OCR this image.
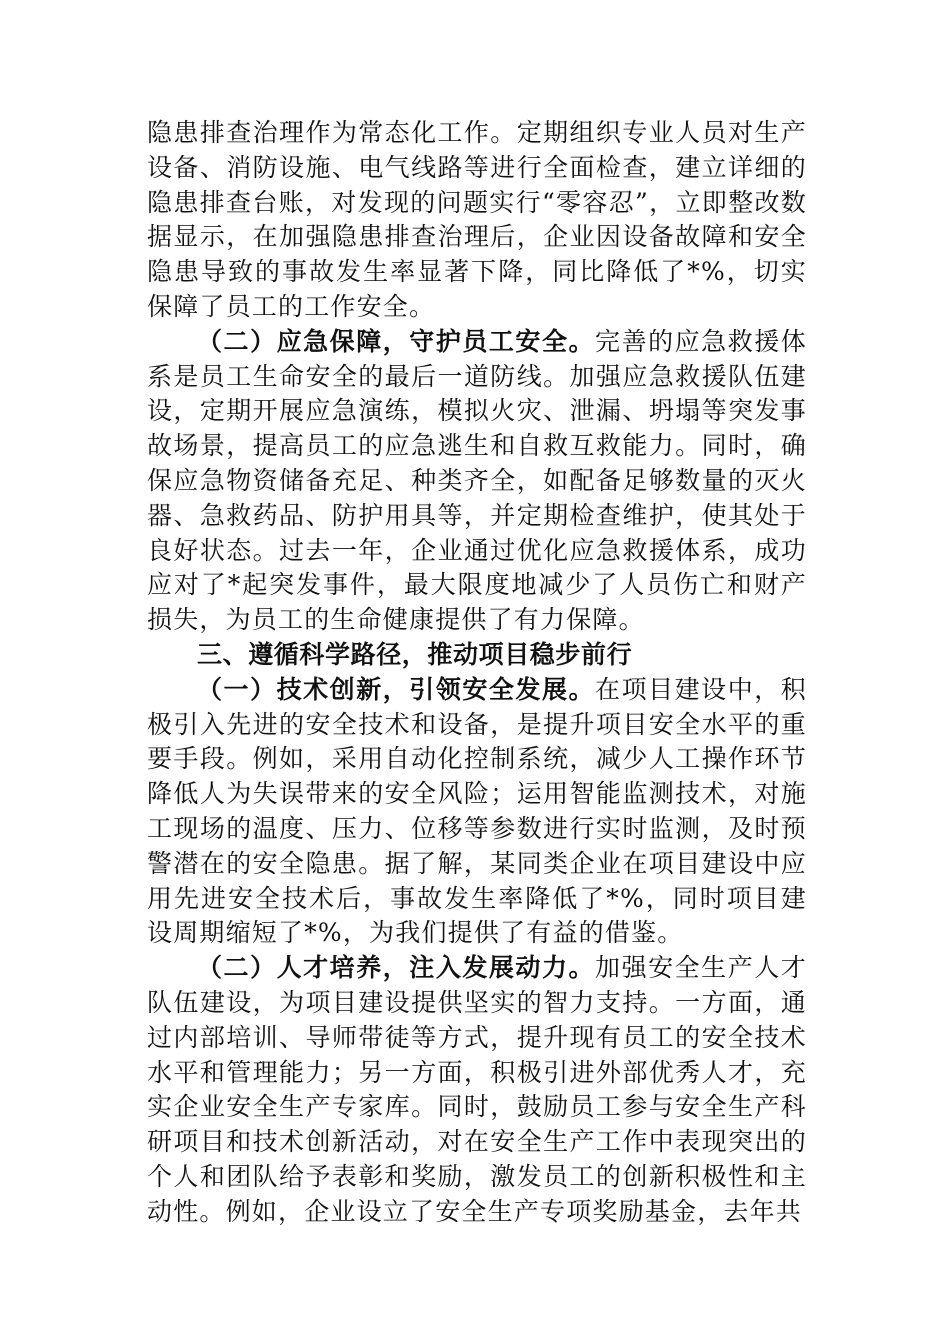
隐患排查治理作为常态化工作。定期组织专业人员对生产设备、消防设施、电气线路等进行全面检查，建立详细的隐患排查台账，对发现的问题实行“零容忍”，立即整改数据显示，在加强隐患排查治理后，企业因设备故障和安全隐患导致的事故发生率显著下降，同比降低了*%，切实保障了员工的工作安全。

（二）应急保障，守护员工安全。完善的应急救援体系是员工生命安全的最后一道防线。加强应急救援队伍建设，定期开展应急演练，模拟火灾、泄漏、坍塌等突发事故场景，提高员工的应急逃生和自救互救能力。同时，确保应急物资储备充足、种类齐全，如配备足够数量的灭火器、急救药品、防护用具等，并定期检查维护，使其处于良好状态。过去一年，企业通过优化应急救援体系，成功应对了*起突发事件，最大限度地减少了人员伤亡和财产损失，为员工的生命健康提供了有力保障。

三、遵循科学路径，推动项目稳步前行

（一）技术创新，引领安全发展。在项目建设中，积极引入先进的安全技术和设备，是提升项目安全水平的重要手段。例如，采用自动化控制系统，减少人工操作环节降低人为失误带来的安全风险；运用智能监测技术，对施工现场的温度、压力、位移等参数进行实时监测，及时预警潜在的安全隐患。据了解，某同类企业在项目建设中应用先进安全技术后，事故发生率降低了*%，同时项目建设周期缩短了*%，为我们提供了有益的借鉴。

（二）人才培养，注入发展动力。加强安全生产人才队伍建设，为项目建设提供坚实的智力支持。一方面，通过内部培训、导师带徒等方式，提升现有员工的安全技术水平和管理能力；另一方面，积极引进外部优秀人才，充实企业安全生产专家库。同时，鼓励员工参与安全生产科研项目和技术创新活动，对在安全生产工作中表现突出的个人和团队给予表彰和奖励，激发员工的创新积极性和主动性。例如，企业设立了安全生产专项奖励基金，去年共
